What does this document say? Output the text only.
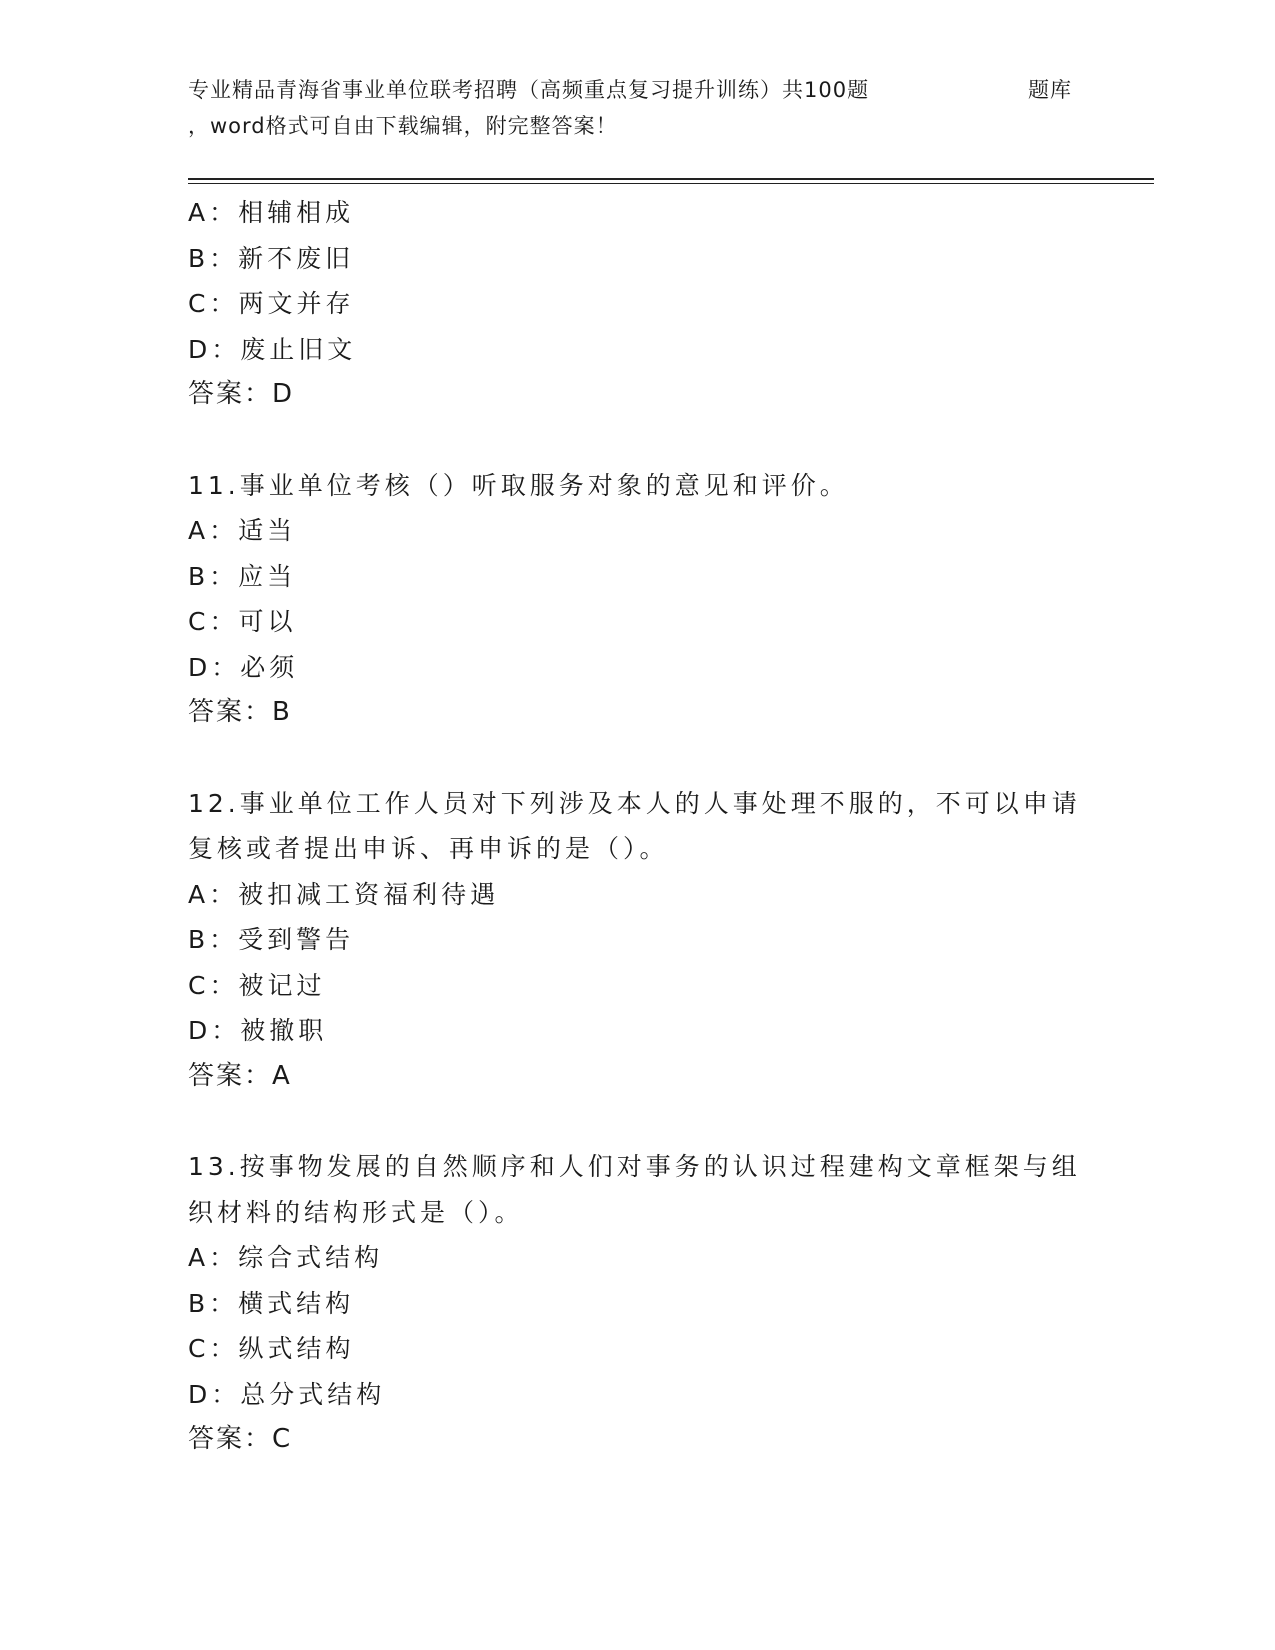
专业精品青海省事业单位联考招聘（高频重点复习提升训练）共100题	题库
，word格式可自由下载编辑，附完整答案！
A：相辅相成
B：新不废旧
C：两文并存
D：废止旧文
答案：D
11.事业单位考核（）听取服务对象的意见和评价。
A：适当
B：应当
C：可以
D：必须
答案：B
12.事业单位工作人员对下列涉及本人的人事处理不服的，不可以申请
复核或者提出申诉、再申诉的是（）。
A：被扣减工资福利待遇
B：受到警告
C：被记过
D：被撤职
答案：A
13.按事物发展的自然顺序和人们对事务的认识过程建构文章框架与组
织材料的结构形式是（）。
A：综合式结构
B：横式结构
C：纵式结构
D：总分式结构
答案：C
